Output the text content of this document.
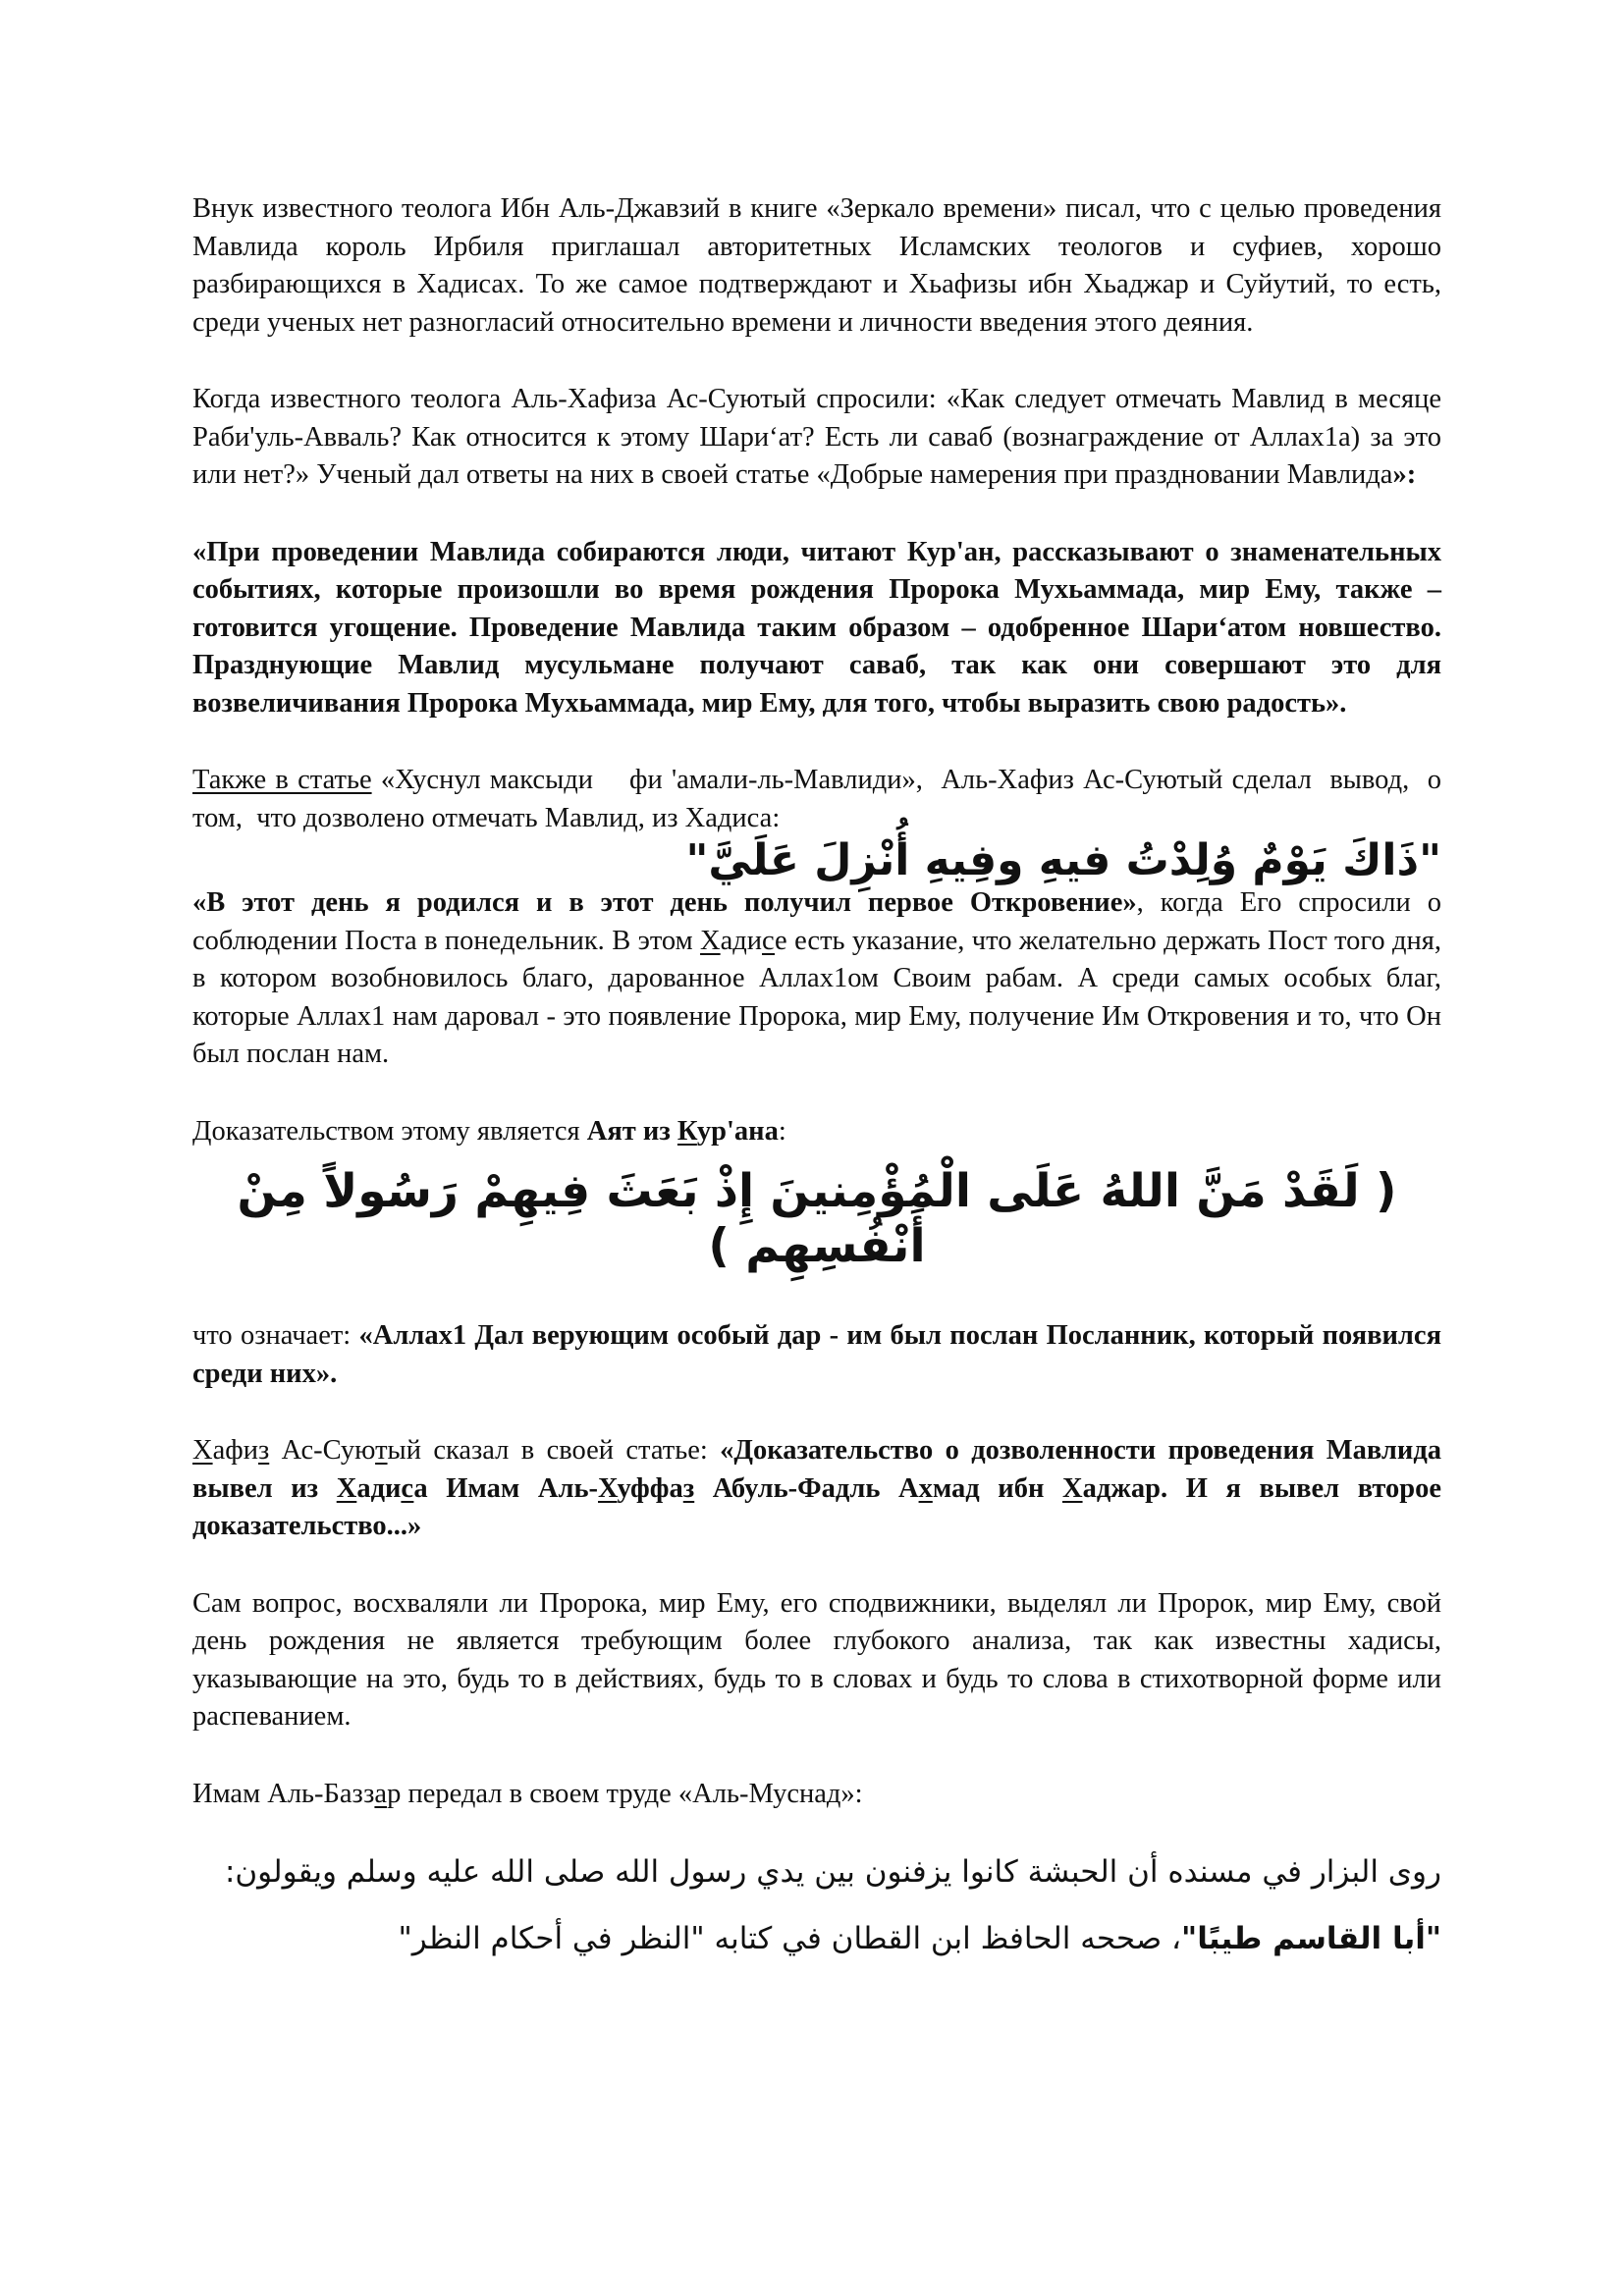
Внук известного теолога Ибн Аль-Джавзий в книге «Зеркало времени» писал, что с целью проведения Мавлида король Ирбиля приглашал авторитетных Исламских теологов и суфиев, хорошо разбирающихся в Хадисах. То же самое подтверждают и Хьафизы ибн Хьаджар и Суйутий, то есть, среди ученых нет разногласий относительно времени и личности введения этого деяния.

Когда известного теолога Аль-Хафиза Ас-Суютый спросили: «Как следует отмечать Мавлид в месяце Раби'уль-Авваль? Как относится к этому Шари‘ат? Есть ли саваб (вознаграждение от Аллах1а) за это или нет?» Ученый дал ответы на них в своей статье «Добрые намерения при праздновании Мавлида»:

«При проведении Мавлида собираются люди, читают Кур'ан, рассказывают о знаменательных событиях, которые произошли во время рождения Пророка Мухьаммада, мир Ему, также – готовится угощение. Проведение Мавлида таким образом – одобренное Шари‘атом новшество. Празднующие Мавлид мусульмане получают саваб, так как они совершают это для возвеличивания Пророка Мухьаммада, мир Ему, для того, чтобы выразить свою радость».

Также в статье «Хуснул максыди    фи 'амали-ль-Мавлиди»,  Аль-Хафиз Ас-Суютый сделал  вывод,  о том,  что дозволено отмечать Мавлид, из Хадиса:

"ذَاكَ يَوْمٌ وُلِدْتُ فيهِ وفِيهِ أُنْزِلَ عَلَيَّ"

«В этот день я родился и в этот день получил первое Откровение», когда Его спросили о соблюдении Поста в понедельник. В этом Хадисе есть указание, что желательно держать Пост того дня, в котором возобновилось благо, дарованное Аллах1ом Своим рабам. А среди самых особых благ, которые Аллах1 нам даровал - это появление Пророка, мир Ему, получение Им Откровения и то, что Он был послан нам.

Доказательством этому является Аят из Кур'ана:

( لَقَدْ مَنَّ اللهُ عَلَى الْمُؤْمِنينَ إِذْ بَعَثَ فِيهِمْ رَسُولاً مِنْ أَنْفُسِهِم )

что означает: «Аллах1 Дал верующим особый дар - им был послан Посланник, который появился среди них».

Хафиз Ас-Суютый сказал в своей статье: «Доказательство о дозволенности проведения Мавлида вывел из Хадиса Имам Аль-Хуффаз Абуль-Фадль Ахмад ибн Хаджар. И я вывел второе доказательство...»

Сам вопрос, восхваляли ли Пророка, мир Ему, его сподвижники, выделял ли Пророк, мир Ему, свой день рождения не является требующим более глубокого анализа, так как известны хадисы, указывающие на это, будь то в действиях, будь то в словах и будь то слова в стихотворной форме или распеванием.

Имам Аль-Баззар передал в своем труде «Аль-Муснад»:

روى البزار في مسنده أن الحبشة كانوا يزفنون بين يدي رسول الله صلى الله عليه وسلم ويقولون:

"أبا القاسم طيبًا"، صححه الحافظ ابن القطان في كتابه "النظر في أحكام النظر"
